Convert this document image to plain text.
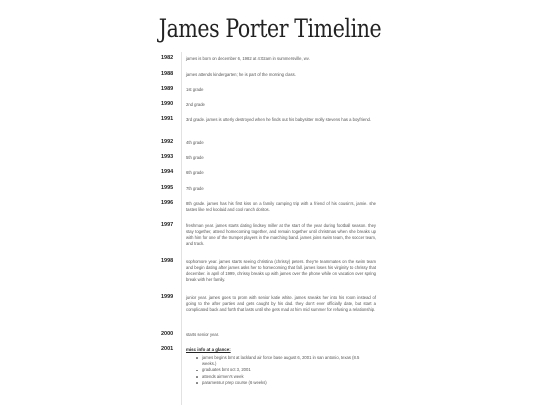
James Porter Timeline
1982	james is born on december 6, 1982 at 4:02am in summersville, wv.
1988	james attends kindergarten; he is part of the morning class.
1989	1st grade
1990	2nd grade
1991	3rd grade. james is utterly destroyed when he finds out his babysitter molly stevens has a boyfriend.
1992	4th grade
1993	5th grade
1994	6th grade
1995	7th grade
1996	8th grade. james has his first kiss on a family camping trip with a friend of his cousin's, jamie. she tastes like red koolaid and cool ranch doritos.
1997	freshman year. james starts dating lindsey miller at the start of the year during football season. they stay together, attend homecoming together, and remain together until christmas when she breaks up with him for one of the trumpet players in the marching band. james joins swim team, the soccer team, and track.
1998	sophomore year. james starts seeing christina (chrissy) peters. they're teammates on the swim team and begin dating after james asks her to homecoming that fall. james loses his virginity to chrissy that december. in april of 1999, chrissy breaks up with james over the phone while on vacation over spring break with her family.
1999	junior year. james goes to prom with senior katie white. james sneaks her into his room instead of going to the after parties and gets caught by his dad. they don't ever officially date, but start a complicated back and forth that lasts until she gets mad at him mid summer for refusing a relationship.
2000	starts senior year.
2001	misc info at a glance:
james begins bmt at lackland air force base august 6, 2001 in san antonio, texas (8.5 weeks.)
graduates bmt oct 3, 2001
attends airmen's week
paramessur prep course (6 weeks)
